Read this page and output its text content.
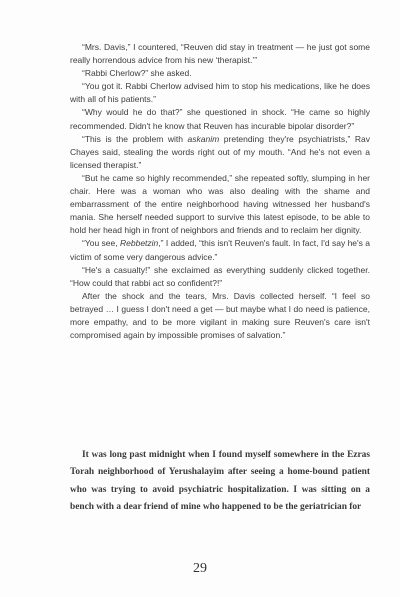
“Mrs. Davis,” I countered, “Reuven did stay in treatment — he just got some really horrendous advice from his new ‘therapist.’”

“Rabbi Cherlow?” she asked.

“You got it. Rabbi Cherlow advised him to stop his medications, like he does with all of his patients.”

“Why would he do that?” she questioned in shock. “He came so highly recommended. Didn't he know that Reuven has incurable bipolar disorder?”

“This is the problem with askanim pretending they're psychiatrists,” Rav Chayes said, stealing the words right out of my mouth. “And he's not even a licensed therapist.”

“But he came so highly recommended,” she repeated softly, slumping in her chair. Here was a woman who was also dealing with the shame and embarrassment of the entire neighborhood having witnessed her husband's mania. She herself needed support to survive this latest episode, to be able to hold her head high in front of neighbors and friends and to reclaim her dignity.

“You see, Rebbetzin,” I added, “this isn't Reuven's fault. In fact, I'd say he's a victim of some very dangerous advice.”

“He's a casualty!” she exclaimed as everything suddenly clicked together. “How could that rabbi act so confident?!”

After the shock and the tears, Mrs. Davis collected herself. “I feel so betrayed … I guess I don't need a get — but maybe what I do need is patience, more empathy, and to be more vigilant in making sure Reuven's care isn't compromised again by impossible promises of salvation.”

It was long past midnight when I found myself somewhere in the Ezras Torah neighborhood of Yerushalayim after seeing a home-bound patient who was trying to avoid psychiatric hospitalization. I was sitting on a bench with a dear friend of mine who happened to be the geriatrician for

29
